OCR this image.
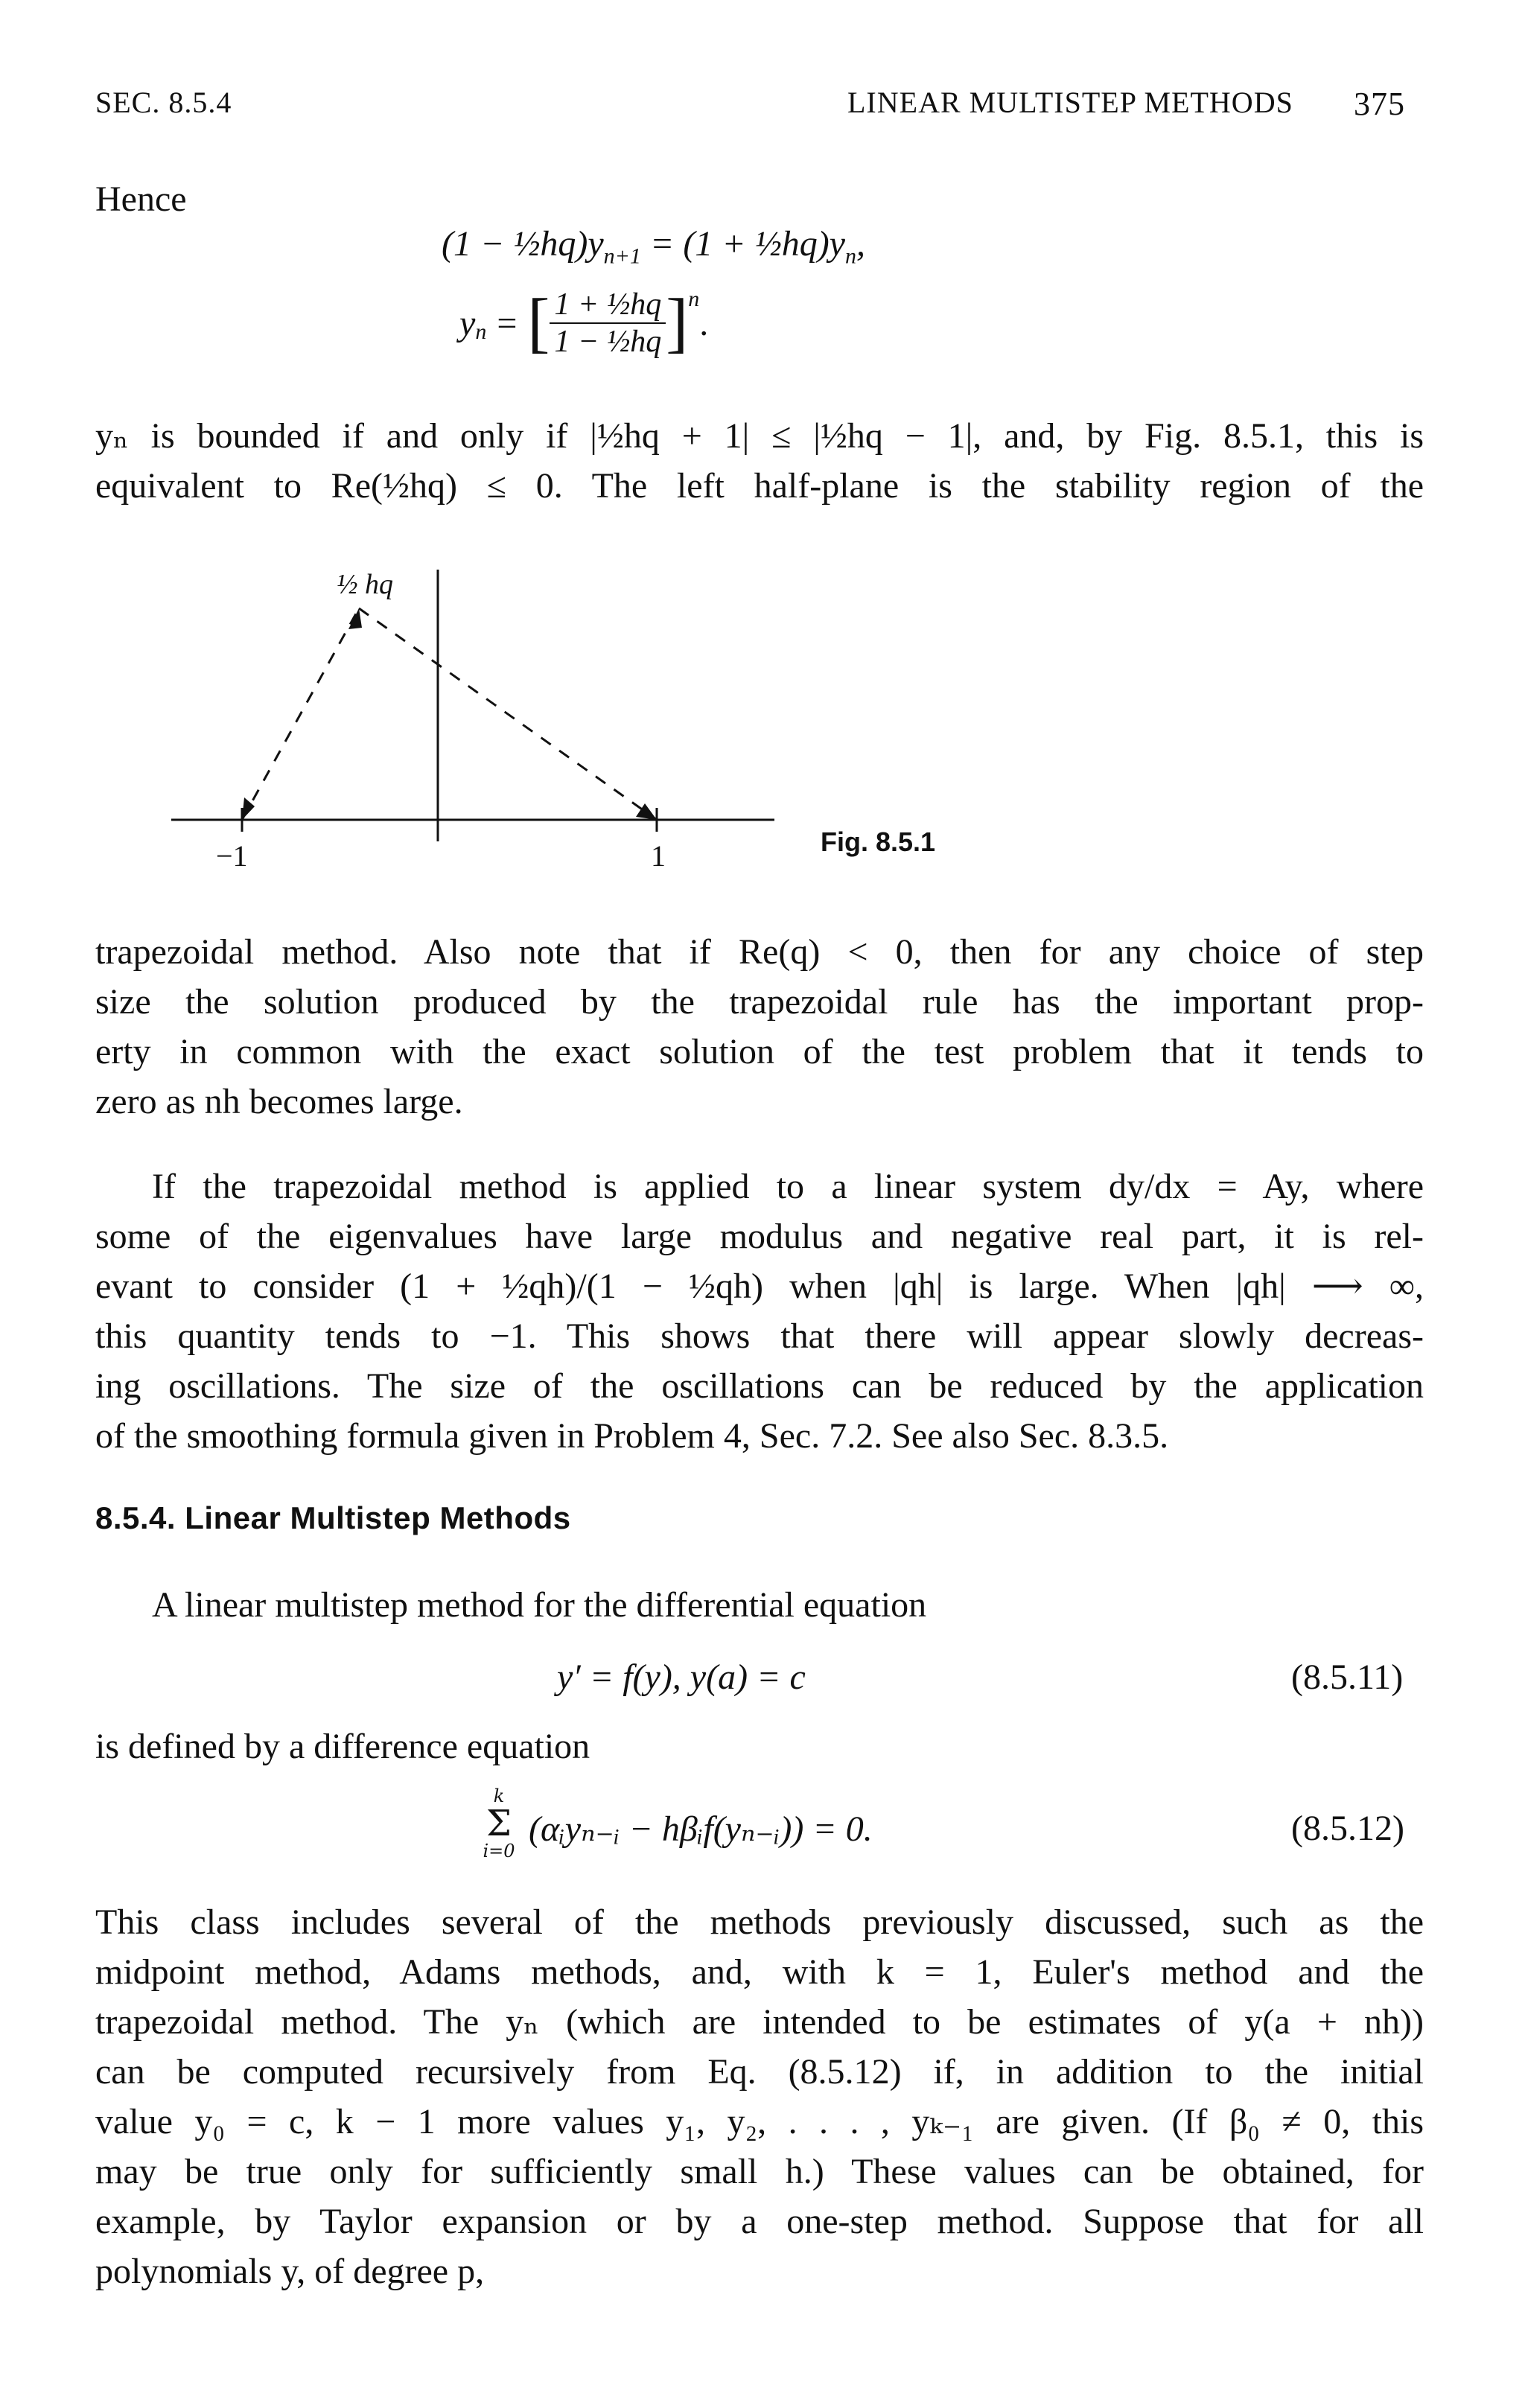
SEC. 8.5.4	LINEAR MULTISTEP METHODS 375
Hence
$(1 - \frac{1}{2}hq)y_{n+1} = (1$ + $\frac{1}{2}hq)y_n$,
$y_n$ = [ 1 + ½hq
1 − ½hq ]$^n$
.
yₙ is bounded if and only if |½hq + 1| ≤ |½hq − 1|, and, by Fig. 8.5.1, this is
equivalent to Re(½hq) ≤ 0. The left half-plane is the stability region of the
½ hq
−1	1	Fig. 8.5.1
trapezoidal method. Also note that if Re(q) < 0, then for any choice of step
size the solution produced by the trapezoidal rule has the important prop-
erty in common with the exact solution of the test problem that it tends to
zero as nh becomes large.
If the trapezoidal method is applied to a linear system dy/dx = Ay, where
some of the eigenvalues have large modulus and negative real part, it is rel-
evant to consider (1 + ½qh)/(1 − ½qh) when |qh| is large. When |qh| ⟶ ∞,
this quantity tends to −1. This shows that there will appear slowly decreas-
ing oscillations. The size of the oscillations can be reduced by the application
of the smoothing formula given in Problem 4, Sec. 7.2. See also Sec. 8.3.5.
8.5.4. Linear Multistep Methods
A linear multistep method for the differential equation
y′ = f(y), y(a) = c	(8.5.11)
is defined by a difference equation
k
Σ
i=0
(αᵢyₙ₋ᵢ − hβᵢf(yₙ₋ᵢ)) = 0.	(8.5.12)
This class includes several of the methods previously discussed, such as the
midpoint method, Adams methods, and, with k = 1, Euler's method and the
trapezoidal method. The yₙ (which are intended to be estimates of y(a + nh))
can be computed recursively from Eq. (8.5.12) if, in addition to the initial
value y₀ = c, k − 1 more values y₁, y₂, . . . , yₖ₋₁ are given. (If β₀ ≠ 0, this
may be true only for sufficiently small h.) These values can be obtained, for
example, by Taylor expansion or by a one-step method. Suppose that for all
polynomials y, of degree p,
